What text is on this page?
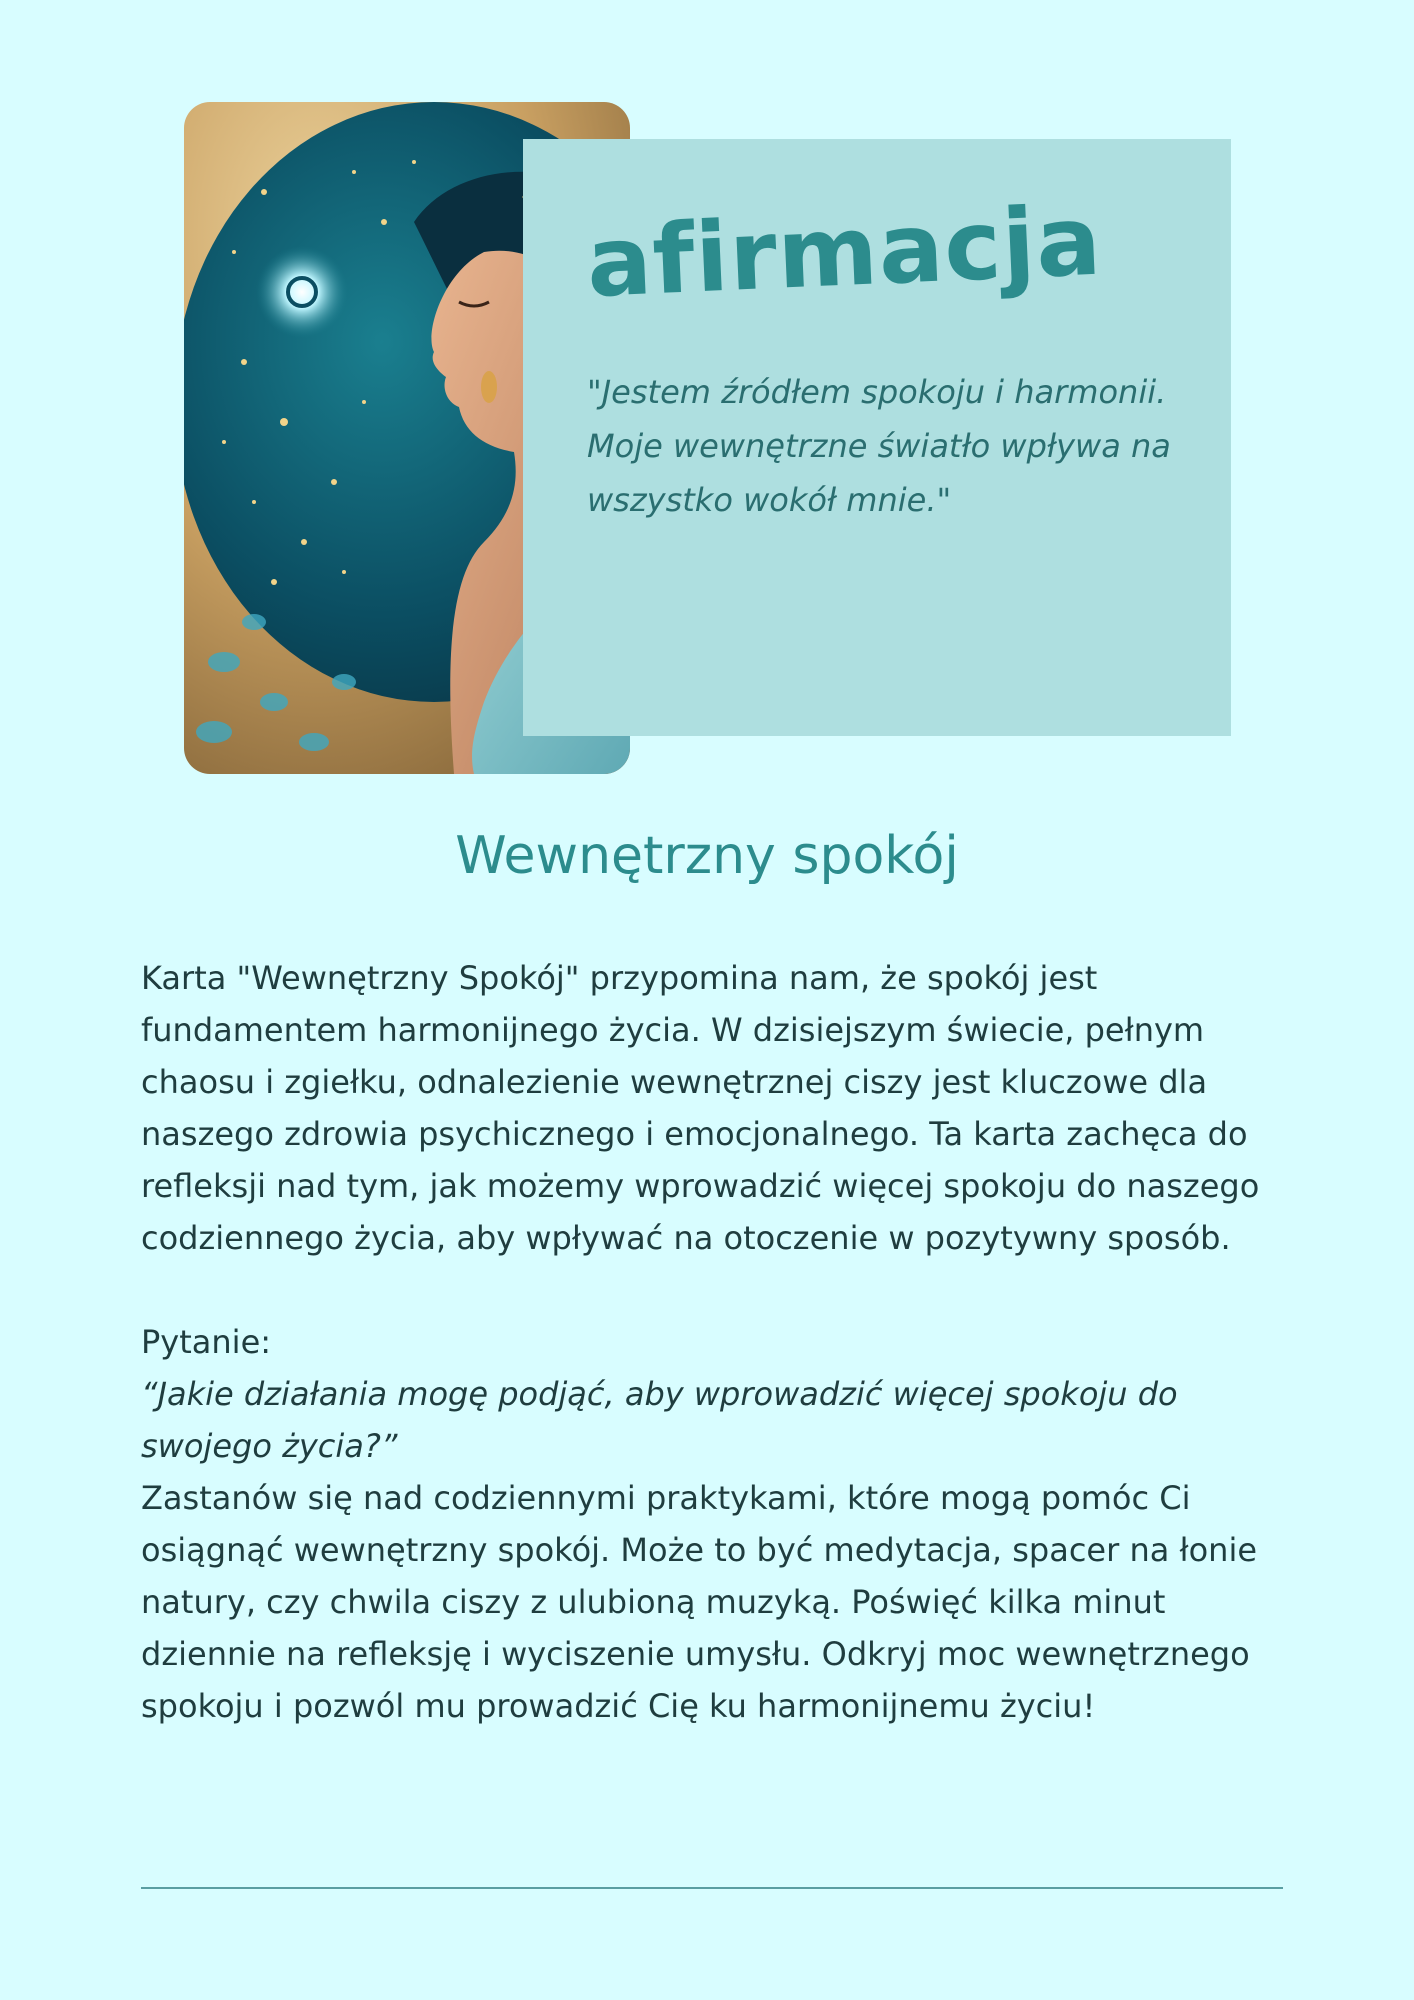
afirmacja

"Jestem źródłem spokoju i harmonii. Moje wewnętrzne światło wpływa na wszystko wokół mnie."

Wewnętrzny spokój

Karta "Wewnętrzny Spokój" przypomina nam, że spokój jest fundamentem harmonijnego życia. W dzisiejszym świecie, pełnym chaosu i zgiełku, odnalezienie wewnętrznej ciszy jest kluczowe dla naszego zdrowia psychicznego i emocjonalnego. Ta karta zachęca do refleksji nad tym, jak możemy wprowadzić więcej spokoju do naszego codziennego życia, aby wpływać na otoczenie w pozytywny sposób.

Pytanie:

“Jakie działania mogę podjąć, aby wprowadzić więcej spokoju do swojego życia?”

Zastanów się nad codziennymi praktykami, które mogą pomóc Ci osiągnąć wewnętrzny spokój. Może to być medytacja, spacer na łonie natury, czy chwila ciszy z ulubioną muzyką. Poświęć kilka minut dziennie na refleksję i wyciszenie umysłu. Odkryj moc wewnętrznego spokoju i pozwól mu prowadzić Cię ku harmonijnemu życiu!
